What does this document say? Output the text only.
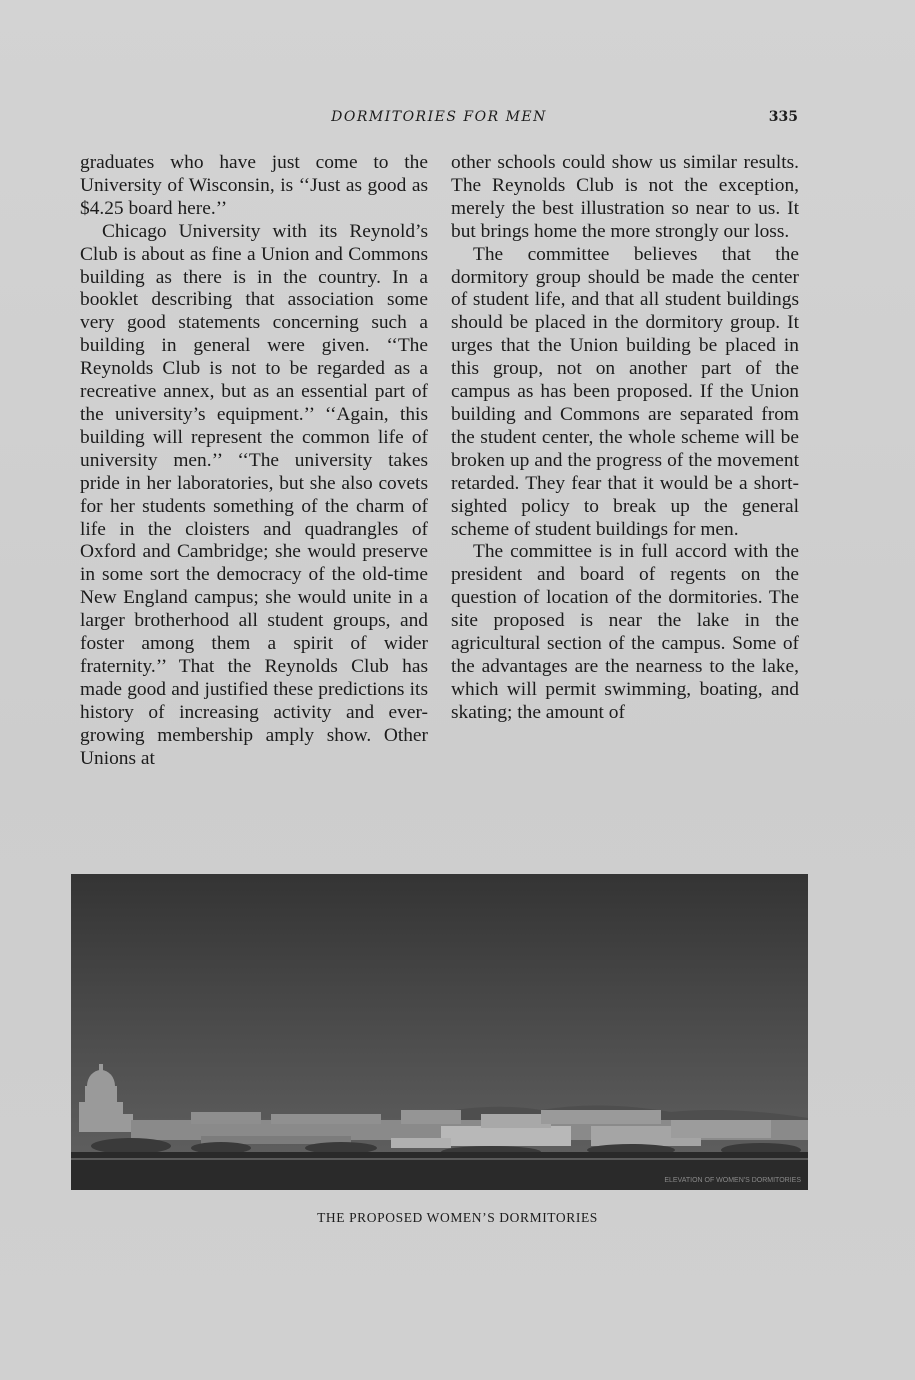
DORMITORIES FOR MEN	335

graduates who have just come to the University of Wisconsin, is ‘‘Just as good as $4.25 board here.’’

Chicago University with its Reynold’s Club is about as fine a Union and Commons building as there is in the country. In a booklet describing that association some very good statements concerning such a building in general were given. ‘‘The Reynolds Club is not to be regarded as a recreative annex, but as an essential part of the university’s equipment.’’ ‘‘Again, this building will represent the common life of university men.’’ ‘‘The university takes pride in her laboratories, but she also covets for her students something of the charm of life in the cloisters and quadrangles of Oxford and Cambridge; she would preserve in some sort the democracy of the old-time New England campus; she would unite in a larger brotherhood all student groups, and foster among them a spirit of wider fraternity.’’ That the Reynolds Club has made good and justified these predictions its history of increasing activity and ever-growing membership amply show. Other Unions at

other schools could show us similar results. The Reynolds Club is not the exception, merely the best illustration so near to us. It but brings home the more strongly our loss.

The committee believes that the dormitory group should be made the center of student life, and that all student buildings should be placed in the dormitory group. It urges that the Union building be placed in this group, not on another part of the campus as has been proposed. If the Union building and Commons are separated from the student center, the whole scheme will be broken up and the progress of the movement retarded. They fear that it would be a short-sighted policy to break up the general scheme of student buildings for men.

The committee is in full accord with the president and board of regents on the question of location of the dormitories. The site proposed is near the lake in the agricultural section of the campus. Some of the advantages are the nearness to the lake, which will permit swimming, boating, and skating; the amount of

ELEVATION OF WOMEN'S DORMITORIES
THE PROPOSED WOMEN’S DORMITORIES
